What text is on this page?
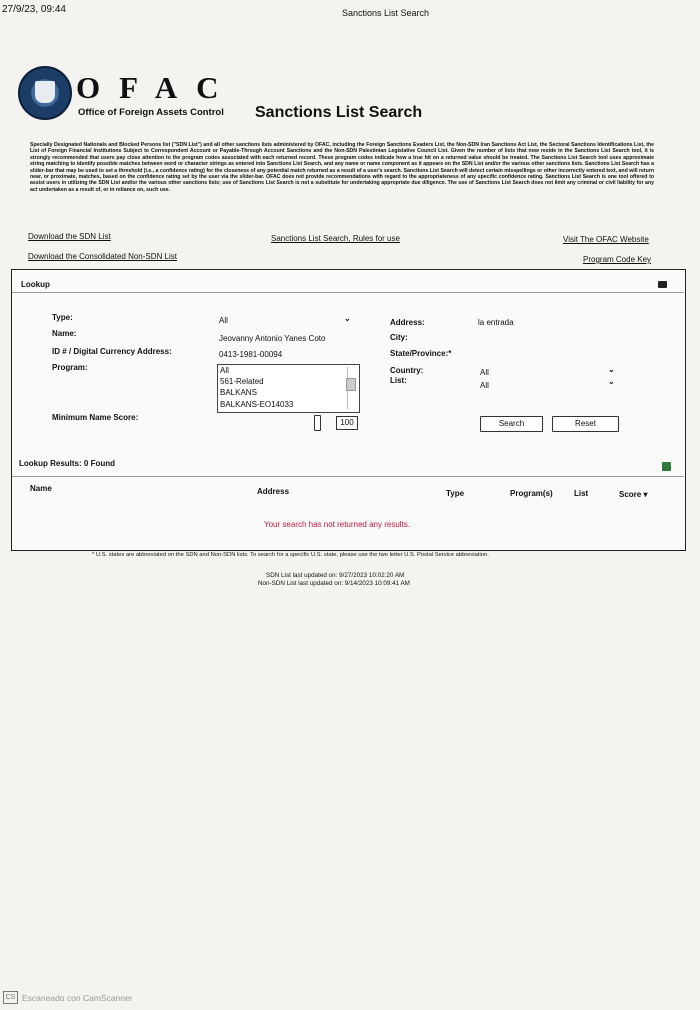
27/9/23, 09:44	Sanctions List Search
OFAC
Office of Foreign Assets Control Sanctions List Search
Specially Designated Nationals and Blocked Persons list ("SDN List") and all other sanctions lists administered by OFAC, including the Foreign Sanctions Evaders List, the Non-SDN Iran Sanctions Act List, the Sectoral Sanctions Identifications List, the List of Foreign Financial Institutions Subject to Correspondent Account or Payable-Through Account Sanctions and the Non-SDN Palestinian Legislative Council List. Given the number of lists that now reside in the Sanctions List Search tool, it is strongly recommended that users pay close attention to the program codes associated with each returned record. These program codes indicate how a true hit on a returned value should be treated. The Sanctions List Search tool uses approximate string matching to identify possible matches between word or character strings as entered into Sanctions List Search, and any name or name component as it appears on the SDN List and/or the various other sanctions lists. Sanctions List Search has a slider-bar that may be used to set a threshold (i.e., a confidence rating) for the closeness of any potential match returned as a result of a user's search. Sanctions List Search will detect certain misspellings or other incorrectly entered text, and will return near, or proximate, matches, based on the confidence rating set by the user via the slider-bar. OFAC does not provide recommendations with regard to the appropriateness of any specific confidence rating. Sanctions List Search is one tool offered to assist users in utilizing the SDN List and/or the various other sanctions lists; use of Sanctions List Search is not a substitute for undertaking appropriate due diligence. The use of Sanctions List Search does not limit any criminal or civil liability for any act undertaken as a result of, or in reliance on, such use.
Download the SDN List	Sanctions List Search, Rules for use	Visit The OFAC Website
Download the Consolidated Non-SDN List	Program Code Key
Lookup
Type:	All	⌄
Name:
Jeovanny Antonio Yanes Coto
ID # / Digital Currency Address:	0413-1981-00094
Program:	All
561-Related
BALKANS
BALKANS-EO14033
Minimum Name Score:
100
Address:	la entrada
City:
State/Province:*
Country:	All	⌄
List:
All	⌄
Search	Reset
Lookup Results: 0 Found
Name	Address	Type	Program(s)	List	Score ▾
Your search has not returned any results.
* U.S. states are abbreviated on the SDN and Non-SDN lists. To search for a specific U.S. state, please use the two letter U.S. Postal Service abbreviation.
SDN List last updated on: 9/27/2023 10:02:20 AM
Non-SDN List last updated on: 9/14/2023 10:09:41 AM
CS Escaneado con CamScanner
